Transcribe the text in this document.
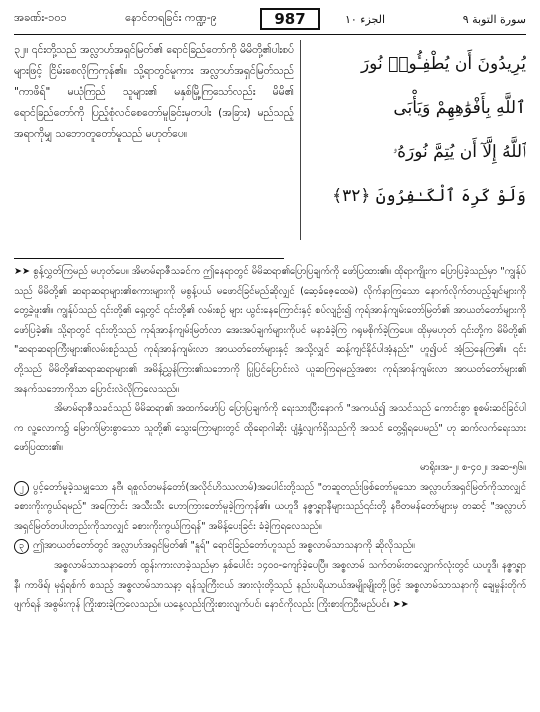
အခဏ်း-၁၀၁	နောင်တရခြင်း ကဏ္ဍ-၉	987	الجزء ۱۰	سورة التوبة ۹
၃၂။ ၎င်းတို့သည် အလ္လာဟ်အရှင်မြတ်၏ ရောင်ခြည်တော်ကို မိမိတို့၏ပါးစပ်များဖြင့် ငြိမ်းစေလိုကြကုန်၏။ သို့ရာတွင်မူကား အလ္လာဟ်အရှင်မြတ်သည် "ကာဖိရ်" မယုံကြည် သူများ၏ မနှစ်မြို့ကြသော်လည်း မိမိ၏ ရောင်ခြည်တော်ကို ပြည့်စုံလင်စေတော်မူခြင်းမှတပါး (အခြား) မည်သည့်အရာကိုမျှ သဘောတူတော်မူသည် မဟုတ်ပေ။
يُرِيدُونَ أَن يُطْفِـُٔوا۟ نُورَ
ٱللَّهِ بِأَفْوَٰهِهِمْ وَيَأْبَى
ٱللَّهُ إِلَّآ أَن يُتِمَّ نُورَهُۥ
وَلَوْ كَرِهَ ٱلْكَـٰفِرُونَ ﴿٣٢﴾

➤➤ စွန့်လွှတ်ကြမည် မဟုတ်ပေ။ အိမာမ်ရာဇီသခင်က ဤနေရာတွင် မိမိဆရာ၏ပြောပြချက်ကို ဖော်ပြထား၏။ ထိုရာကျိုးက ပြောပြခဲ့သည်မှာ "ကျွန်ုပ်သည် မိမိတို့၏ ဆရာဆရာများ၏စကားများကို မစွန့်ပယ် မဖောင်ခြင်မည်ဆိုလျှင် (ဆေ့ခ်ဇေ့ထေမဲ) လိုက်နာကြသော နောက်လိုက်တပည့်ချင်များကို တွေ့ခဲ့ဖူး၏။ ကျွန်ုပ်သည် ၎င်းတို့၏ ရှေ့တွင် ၎င်းတို့၏ လမ်းစဉ် များ ယွင်းနေကြောင်းနှင့် စပ်လျဉ်း၍ ကုရ်အာန်ကျမ်းတော်မြတ်၏ အာယတ်တော်များကို ဖော်ပြခဲ့၏။ သို့ရာတွင် ၎င်းတို့သည် ကုရ်အာန်ကျမ်းမြတ်လာ အေးအပ်ချက်များကိုပင် မနာခံခဲ့ကြ ဂရုမစိုက်ခဲ့ကြပေ။ ထိုမှမဟုတ် ၎င်းတို့က မိမိတို့၏ "ဆရာဆရာကြီးများ၏လမ်းစဉ်သည် ကုရ်အာန်ကျမ်းလာ အာယတ်တော်များနှင့် အသို့လျှင် ဆန့်ကျင်နိုင်ပါအံ့နည်း" ဟူ၍ပင် အံ့သြနေကြ၏။ ၎င်းတို့သည် မိမိတို့၏ဆရာဆရာများ၏ အမိန့်ညွှန်ကြား၏သဘောကို ပြုပြင်ပြောင်းလဲ ယူဆကြရမည့်အစား ကုရ်အာန်ကျမ်းလာ အာယတ်တော်များ၏ အနက်သဘောကိုသာ ပြောင်းလဲလိုကြလေသည်။

အိမာမ်ရာဇီသခင်သည် မိမိဆရာ၏ အထက်ဖော်ပြ ပြောပြချက်ကို ရေးသားပြီးနောက် "အကယ်၍ အသင်သည် ကောင်းစွာ စူစမ်းဆင်ခြင်ပါက လူ့လောက၌ မြောက်မြားစွာသော သူတို့၏ သွေးကြောများတွင် ထိုရောဂါဆိုး ပျံ့နှံ့လျက်ရှိသည်ကို အသင် တွေ့ရှိရပေမည်" ဟု ဆက်လက်ရေးသား ဖော်ပြထား၏။

မာရိုး။အ-၂၊ စ-၄၀၂၊ အဆ-၅၆။

၂ ပွင့်တော်မူခဲ့သမျှသော နဗီ၊ ရစူလ်တမန်တော်(အလိုင်ဟိဿလာမ်)အပေါင်းတို့သည် "တဆူတည်းဖြစ်တော်မူသော အလ္လာဟ်အရှင်မြတ်ကိုသာလျှင် ခစားကိုးကွယ်ရမည်" အကြောင်း အသီးသီး ဟောကြားတော်မူခဲ့ကြကုန်၏။ ယဟူဒီ နဇ္စ္ဇာရာနီများသည်၎င်းတို့ နဗီတမန်တော်များမှ တဆင့် "အလ္လာဟ်အရှင်မြတ်တပါးတည်းကိုသာလျှင် ခစားကိုးကွယ်ကြရန်" အမိန့်ပေးခြင်း ခံခဲ့ကြရလေသည်။

၃ ဤအာယတ်တော်တွင် အလ္လာဟ်အရှင်မြတ်၏ "နူရ်" ရောင်ခြည်တော်ဟူသည် အစ္စလာမ်သာသနာကို ဆိုလိုသည်။

အစ္စလာမ်သာသနာတော် ထွန်းကားလာခဲ့သည်မှာ နှစ်ပေါင်း ၁၄၀၀-ကျော်ခဲ့ပေပြီ။ အစ္စလာမ် သက်တမ်းတလျှောက်လုံးတွင် ယဟူဒီ၊ နဇ္စ္ဇာရာနီ၊ ကာဖိရ်၊ မုရှ်ရစ်က် စသည့် အစ္စလာမ်သာသနာ့ ရန်သူကြီးငယ် အားလုံးတို့သည် နည်းပရိယာယ်အမျိုးမျိုးတို့ဖြင့် အစ္စလာမ်သာသနာကို ချေမှုန်းတိုက်ဖျက်ရန် အစွမ်းကုန် ကြိုးစားခဲ့ကြလေသည်။ ယနေ့လည်းကြိုးစားလျက်ပင်၊ နောင်ကိုလည်း ကြိုးစားကြဦးမည်ပင်။ ➤➤
